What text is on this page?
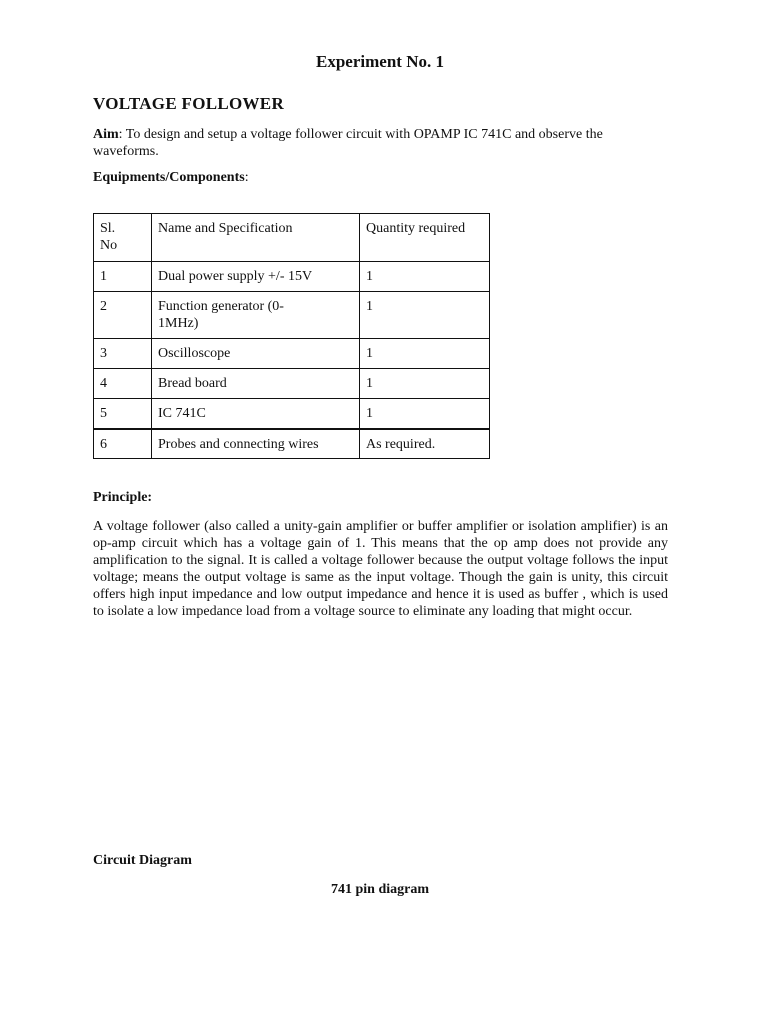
Experiment No. 1
VOLTAGE FOLLOWER
Aim: To design and setup a voltage follower circuit with OPAMP IC 741C and observe the waveforms.
Equipments/Components:
Sl. No	Name and Specification	Quantity required
1	Dual power supply +/- 15V	1
2	Function generator (0-1MHz)	1
3	Oscilloscope	1
4	Bread board	1
5	IC 741C	1
6	Probes and connecting wires	As required.
Principle:
A voltage follower (also called a unity-gain amplifier or buffer amplifier or isolation amplifier) is an op-amp circuit which has a voltage gain of 1. This means that the op amp does not provide any amplification to the signal. It is called a voltage follower because the output voltage follows the input voltage; means the output voltage is same as the input voltage. Though the gain is unity, this circuit offers high input impedance and low output impedance and hence it is used as buffer , which is used to isolate a low impedance load from a voltage source to eliminate any loading that might occur.
Circuit Diagram
741 pin diagram
